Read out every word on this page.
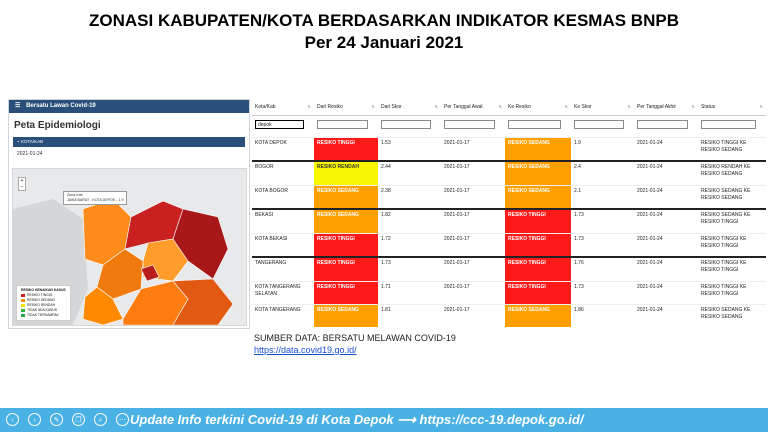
ZONASI KABUPATEN/KOTA BERDASARKAN INDIKATOR KESMAS BNPB
Per 24 Januari 2021
☰ Bersatu Lawan Covid-19
Peta Epidemiologi
⌁ KOTA/KAB
2021-01-24
+
−
Zona Kab
JAWA BARAT - KOTA DEPOK - 1.9
RESIKO KENAIKAN KASUS
RESIKO TINGGI
RESIKO SEDANG
RESIKO RENDAH
TIDAK ADA KASUS
TIDAK TERDAMPAK
Kota/Kab ⇅	Dari Resiko ⇅	Dari Skor ⇅	Per Tanggal Awal ⇅	Ke Resiko ⇅	Ke Skor ⇅	Per Tanggal Akhir ⇅	Status ⇅

depok							

KOTA DEPOK	RESIKO TINGGI	1.53	2021-01-17	RESIKO SEDANG	1.9	2021-01-24	RESIKO TINGGI KE RESIKO SEDANG
BOGOR	RESIKO RENDAH	2.44	2021-01-17	RESIKO SEDANG	2.4	2021-01-24	RESIKO RENDAH KE RESIKO SEDANG
KOTA BOGOR	RESIKO SEDANG	2.38	2021-01-17	RESIKO SEDANG	2.1	2021-01-24	RESIKO SEDANG KE RESIKO SEDANG
BEKASI	RESIKO SEDANG	1.82	2021-01-17	RESIKO TINGGI	1.73	2021-01-24	RESIKO SEDANG KE RESIKO TINGGI
KOTA BEKASI	RESIKO TINGGI	1.72	2021-01-17	RESIKO TINGGI	1.73	2021-01-24	RESIKO TINGGI KE RESIKO TINGGI
TANGERANG	RESIKO TINGGI	1.73	2021-01-17	RESIKO TINGGI	1.76	2021-01-24	RESIKO TINGGI KE RESIKO TINGGI
KOTA TANGERANG SELATAN	RESIKO TINGGI	1.71	2021-01-17	RESIKO TINGGI	1.73	2021-01-24	RESIKO TINGGI KE RESIKO TINGGI
KOTA TANGERANG	RESIKO SEDANG	1.81	2021-01-17	RESIKO SEDANG	1.86	2021-01-24	RESIKO SEDANG KE RESIKO SEDANG
SUMBER DATA: BERSATU MELAWAN COVID-19
https://data.covid19.go.id/
‹	›	✎	❐	⌕	⋯ Update Info terkini Covid-19 di Kota Depok ⟶ https://ccc-19.depok.go.id/
